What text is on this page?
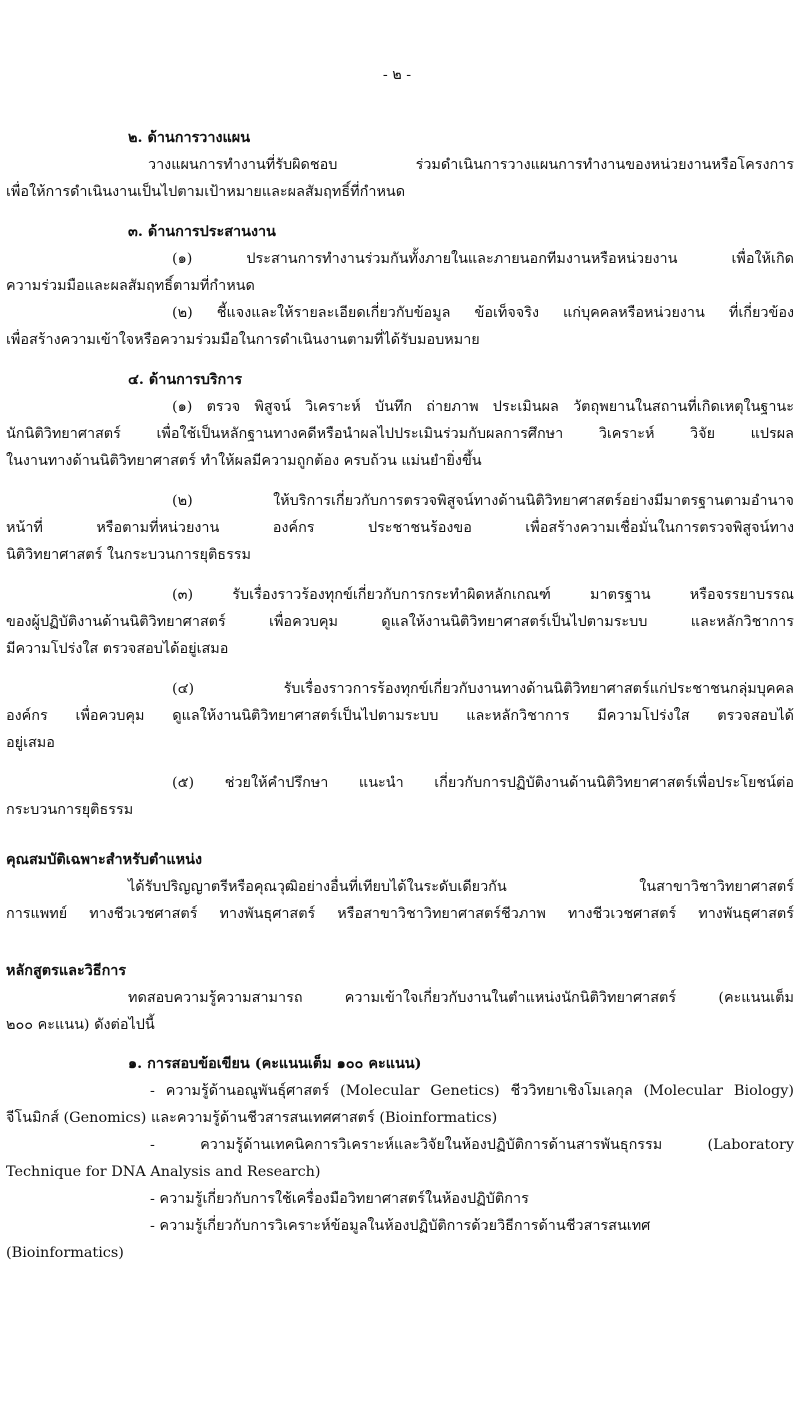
- ๒ -
๒. ด้านการวางแผน
วางแผนการทำงานที่รับผิดชอบ ร่วมดำเนินการวางแผนการทำงานของหน่วยงานหรือโครงการ
เพื่อให้การดำเนินงานเป็นไปตามเป้าหมายและผลสัมฤทธิ์ที่กำหนด
๓. ด้านการประสานงาน
(๑) ประสานการทำงานร่วมกันทั้งภายในและภายนอกทีมงานหรือหน่วยงาน เพื่อให้เกิด
ความร่วมมือและผลสัมฤทธิ์ตามที่กำหนด
(๒) ชี้แจงและให้รายละเอียดเกี่ยวกับข้อมูล ข้อเท็จจริง แก่บุคคลหรือหน่วยงาน ที่เกี่ยวข้อง
เพื่อสร้างความเข้าใจหรือความร่วมมือในการดำเนินงานตามที่ได้รับมอบหมาย
๔. ด้านการบริการ
(๑) ตรวจ พิสูจน์ วิเคราะห์ บันทึก ถ่ายภาพ ประเมินผล วัตถุพยานในสถานที่เกิดเหตุในฐานะ
นักนิติวิทยาศาสตร์ เพื่อใช้เป็นหลักฐานทางคดีหรือนำผลไปประเมินร่วมกับผลการศึกษา วิเคราะห์ วิจัย แปรผล
ในงานทางด้านนิติวิทยาศาสตร์ ทำให้ผลมีความถูกต้อง ครบถ้วน แม่นยำยิ่งขึ้น
(๒) ให้บริการเกี่ยวกับการตรวจพิสูจน์ทางด้านนิติวิทยาศาสตร์อย่างมีมาตรฐานตามอำนาจ
หน้าที่ หรือตามที่หน่วยงาน องค์กร ประชาชนร้องขอ เพื่อสร้างความเชื่อมั่นในการตรวจพิสูจน์ทาง
นิติวิทยาศาสตร์ ในกระบวนการยุติธรรม
(๓) รับเรื่องราวร้องทุกข์เกี่ยวกับการกระทำผิดหลักเกณฑ์ มาตรฐาน หรือจรรยาบรรณ
ของผู้ปฏิบัติงานด้านนิติวิทยาศาสตร์ เพื่อควบคุม ดูแลให้งานนิติวิทยาศาสตร์เป็นไปตามระบบ และหลักวิชาการ
มีความโปร่งใส ตรวจสอบได้อยู่เสมอ
(๔) รับเรื่องราวการร้องทุกข์เกี่ยวกับงานทางด้านนิติวิทยาศาสตร์แก่ประชาชนกลุ่มบุคคล
องค์กร เพื่อควบคุม ดูแลให้งานนิติวิทยาศาสตร์เป็นไปตามระบบ และหลักวิชาการ มีความโปร่งใส ตรวจสอบได้
อยู่เสมอ
(๕) ช่วยให้คำปรึกษา แนะนำ เกี่ยวกับการปฏิบัติงานด้านนิติวิทยาศาสตร์เพื่อประโยชน์ต่อ
กระบวนการยุติธรรม
คุณสมบัติเฉพาะสำหรับตำแหน่ง
ได้รับปริญญาตรีหรือคุณวุฒิอย่างอื่นที่เทียบได้ในระดับเดียวกัน ในสาขาวิชาวิทยาศาสตร์
การแพทย์ ทางชีวเวชศาสตร์ ทางพันธุศาสตร์ หรือสาขาวิชาวิทยาศาสตร์ชีวภาพ ทางชีวเวชศาสตร์ ทางพันธุศาสตร์
หลักสูตรและวิธีการ
ทดสอบความรู้ความสามารถ ความเข้าใจเกี่ยวกับงานในตำแหน่งนักนิติวิทยาศาสตร์ (คะแนนเต็ม
๒๐๐ คะแนน) ดังต่อไปนี้
๑. การสอบข้อเขียน (คะแนนเต็ม ๑๐๐ คะแนน)
- ความรู้ด้านอณูพันธุ์ศาสตร์ (Molecular Genetics) ชีววิทยาเชิงโมเลกุล (Molecular Biology)
จีโนมิกส์ (Genomics) และความรู้ด้านชีวสารสนเทศศาสตร์ (Bioinformatics)
- ความรู้ด้านเทคนิคการวิเคราะห์และวิจัยในห้องปฏิบัติการด้านสารพันธุกรรม (Laboratory
Technique for DNA Analysis and Research)
- ความรู้เกี่ยวกับการใช้เครื่องมือวิทยาศาสตร์ในห้องปฏิบัติการ
- ความรู้เกี่ยวกับการวิเคราะห์ข้อมูลในห้องปฏิบัติการด้วยวิธีการด้านชีวสารสนเทศ
(Bioinformatics)
